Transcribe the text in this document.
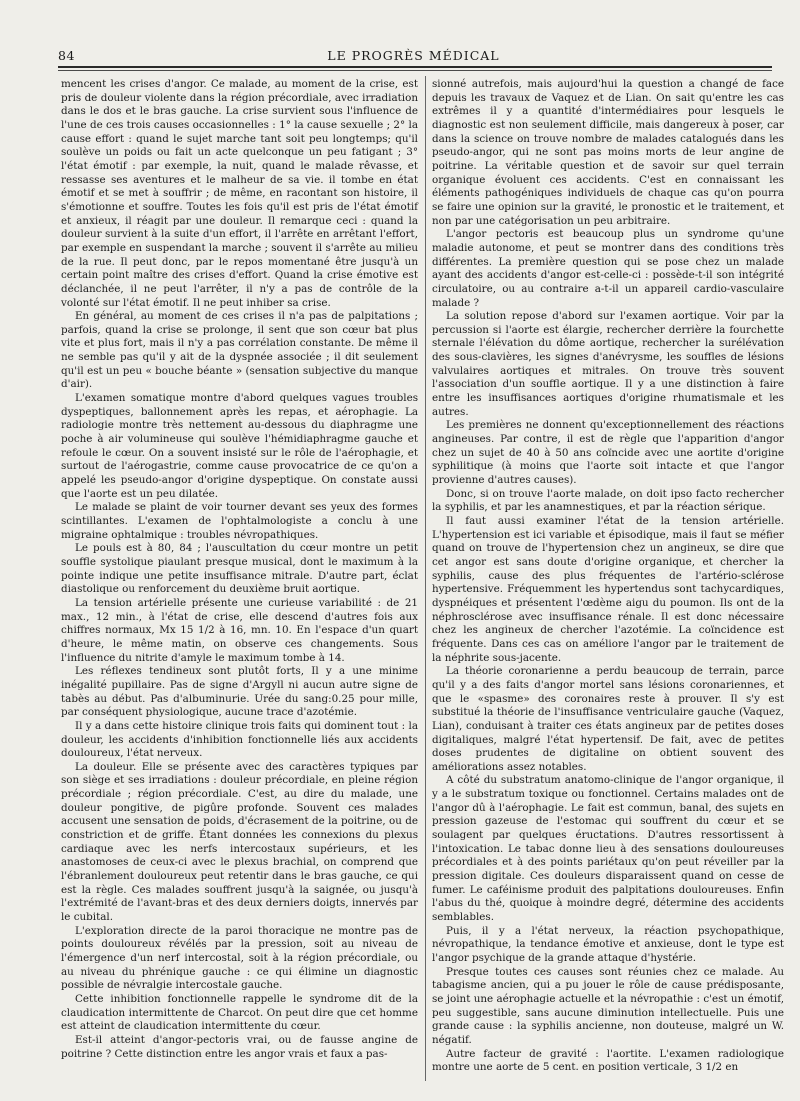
84	LE PROGRÈS MÉDICAL

mencent les crises d'angor. Ce malade, au moment de la crise, est pris de douleur violente dans la région précordiale, avec irradiation dans le dos et le bras gauche. La crise survient sous l'influence de l'une de ces trois causes occasionnelles : 1° la cause sexuelle ; 2° la cause effort : quand le sujet marche tant soit peu longtemps; qu'il soulève un poids ou fait un acte quelconque un peu fatigant ; 3° l'état émotif : par exemple, la nuit, quand le malade rêvasse, et ressasse ses aventures et le malheur de sa vie. il tombe en état émotif et se met à souffrir ; de même, en racontant son histoire, il s'émotionne et souffre. Toutes les fois qu'il est pris de l'état émotif et anxieux, il réagit par une douleur. Il remarque ceci : quand la douleur survient à la suite d'un effort, il l'arrête en arrêtant l'effort, par exemple en suspendant la marche ; souvent il s'arrête au milieu de la rue. Il peut donc, par le repos momentané être jusqu'à un certain point maître des crises d'effort. Quand la crise émotive est déclanchée, il ne peut l'arrêter, il n'y a pas de contrôle de la volonté sur l'état émotif. Il ne peut inhiber sa crise.

En général, au moment de ces crises il n'a pas de palpitations ; parfois, quand la crise se prolonge, il sent que son cœur bat plus vite et plus fort, mais il n'y a pas corrélation constante. De même il ne semble pas qu'il y ait de la dyspnée associée ; il dit seulement qu'il est un peu « bouche béante » (sensation subjective du manque d'air).

L'examen somatique montre d'abord quelques vagues troubles dyspeptiques, ballonnement après les repas, et aérophagie. La radiologie montre très nettement au-dessous du diaphragme une poche à air volumineuse qui soulève l'hémidiaphragme gauche et refoule le cœur. On a souvent insisté sur le rôle de l'aérophagie, et surtout de l'aérogastrie, comme cause provocatrice de ce qu'on a appelé les pseudo-angor d'origine dyspeptique. On constate aussi que l'aorte est un peu dilatée.

Le malade se plaint de voir tourner devant ses yeux des formes scintillantes. L'examen de l'ophtalmologiste a conclu à une migraine ophtalmique : troubles névropathiques.

Le pouls est à 80, 84 ; l'auscultation du cœur montre un petit souffle systolique piaulant presque musical, dont le maximum à la pointe indique une petite insuffisance mitrale. D'autre part, éclat diastolique ou renforcement du deuxième bruit aortique.

La tension artérielle présente une curieuse variabilité : de 21 max., 12 min., à l'état de crise, elle descend d'autres fois aux chiffres normaux, Mx 15 1/2 à 16, mn. 10. En l'espace d'un quart d'heure, le même matin, on observe ces changements. Sous l'influence du nitrite d'amyle le maximum tombe à 14.

Les réflexes tendineux sont plutôt forts, Il y a une minime inégalité pupillaire. Pas de signe d'Argyll ni aucun autre signe de tabès au début. Pas d'albuminurie. Urée du sang:0.25 pour mille, par conséquent physiologique, aucune trace d'azotémie.

Il y a dans cette histoire clinique trois faits qui dominent tout : la douleur, les accidents d'inhibition fonctionnelle liés aux accidents douloureux, l'état nerveux.

La douleur. Elle se présente avec des caractères typiques par son siège et ses irradiations : douleur précordiale, en pleine région précordiale ; région précordiale. C'est, au dire du malade, une douleur pongitive, de pigûre profonde. Souvent ces malades accusent une sensation de poids, d'écrasement de la poitrine, ou de constriction et de griffe. Étant données les connexions du plexus cardiaque avec les nerfs intercostaux supérieurs, et les anastomoses de ceux-ci avec le plexus brachial, on comprend que l'ébranlement douloureux peut retentir dans le bras gauche, ce qui est la règle. Ces malades souffrent jusqu'à la saignée, ou jusqu'à l'extrémité de l'avant-bras et des deux derniers doigts, innervés par le cubital.

L'exploration directe de la paroi thoracique ne montre pas de points douloureux révélés par la pression, soit au niveau de l'émergence d'un nerf intercostal, soit à la région précordiale, ou au niveau du phrénique gauche : ce qui élimine un diagnostic possible de névralgie intercostale gauche.

Cette inhibition fonctionnelle rappelle le syndrome dit de la claudication intermittente de Charcot. On peut dire que cet homme est atteint de claudication intermittente du cœur.

Est-il atteint d'angor-pectoris vrai, ou de fausse angine de poitrine ? Cette distinction entre les angor vrais et faux a pas-

sionné autrefois, mais aujourd'hui la question a changé de face depuis les travaux de Vaquez et de Lian. On sait qu'entre les cas extrêmes il y a quantité d'intermédiaires pour lesquels le diagnostic est non seulement difficile, mais dangereux à poser, car dans la science on trouve nombre de malades catalogués dans les pseudo-angor, qui ne sont pas moins morts de leur angine de poitrine. La véritable question et de savoir sur quel terrain organique évoluent ces accidents. C'est en connaissant les éléments pathogéniques individuels de chaque cas qu'on pourra se faire une opinion sur la gravité, le pronostic et le traitement, et non par une catégorisation un peu arbitraire.

L'angor pectoris est beaucoup plus un syndrome qu'une maladie autonome, et peut se montrer dans des conditions très différentes. La première question qui se pose chez un malade ayant des accidents d'angor est-celle-ci : possède-t-il son intégrité circulatoire, ou au contraire a-t-il un appareil cardio-vasculaire malade ?

La solution repose d'abord sur l'examen aortique. Voir par la percussion si l'aorte est élargie, rechercher derrière la fourchette sternale l'élévation du dôme aortique, rechercher la surélévation des sous-clavières, les signes d'anévrysme, les souffles de lésions valvulaires aortiques et mitrales. On trouve très souvent l'association d'un souffle aortique. Il y a une distinction à faire entre les insuffisances aortiques d'origine rhumatismale et les autres.

Les premières ne donnent qu'exceptionnellement des réactions angineuses. Par contre, il est de règle que l'apparition d'angor chez un sujet de 40 à 50 ans coïncide avec une aortite d'origine syphilitique (à moins que l'aorte soit intacte et que l'angor provienne d'autres causes).

Donc, si on trouve l'aorte malade, on doit ipso facto rechercher la syphilis, et par les anamnestiques, et par la réaction sérique.

Il faut aussi examiner l'état de la tension artérielle. L'hypertension est ici variable et épisodique, mais il faut se méfier quand on trouve de l'hypertension chez un angineux, se dire que cet angor est sans doute d'origine organique, et chercher la syphilis, cause des plus fréquentes de l'artério-sclérose hypertensive. Fréquemment les hypertendus sont tachycardiques, dyspnéiques et présentent l'œdème aigu du poumon. Ils ont de la néphrosclérose avec insuffisance rénale. Il est donc nécessaire chez les angineux de chercher l'azotémie. La coïncidence est fréquente. Dans ces cas on améliore l'angor par le traitement de la néphrite sous-jacente.

La théorie coronarienne a perdu beaucoup de terrain, parce qu'il y a des faits d'angor mortel sans lésions coronariennes, et que le «spasme» des coronaires reste à prouver. Il s'y est substitué la théorie de l'insuffisance ventriculaire gauche (Vaquez, Lian), conduisant à traiter ces états angineux par de petites doses digitaliques, malgré l'état hypertensif. De fait, avec de petites doses prudentes de digitaline on obtient souvent des améliorations assez notables.

A côté du substratum anatomo-clinique de l'angor organique, il y a le substratum toxique ou fonctionnel. Certains malades ont de l'angor dû à l'aérophagie. Le fait est commun, banal, des sujets en pression gazeuse de l'estomac qui souffrent du cœur et se soulagent par quelques éructations. D'autres ressortissent à l'intoxication. Le tabac donne lieu à des sensations douloureuses précordiales et à des points pariétaux qu'on peut réveiller par la pression digitale. Ces douleurs disparaissent quand on cesse de fumer. Le caféinisme produit des palpitations douloureuses. Enfin l'abus du thé, quoique à moindre degré, détermine des accidents semblables.

Puis, il y a l'état nerveux, la réaction psychopathique, névropathique, la tendance émotive et anxieuse, dont le type est l'angor psychique de la grande attaque d'hystérie.

Presque toutes ces causes sont réunies chez ce malade. Au tabagisme ancien, qui a pu jouer le rôle de cause prédisposante, se joint une aérophagie actuelle et la névropathie : c'est un émotif, peu suggestible, sans aucune diminution intellectuelle. Puis une grande cause : la syphilis ancienne, non douteuse, malgré un W. négatif.

Autre facteur de gravité : l'aortite. L'examen radiologique montre une aorte de 5 cent. en position verticale, 3 1/2 en
